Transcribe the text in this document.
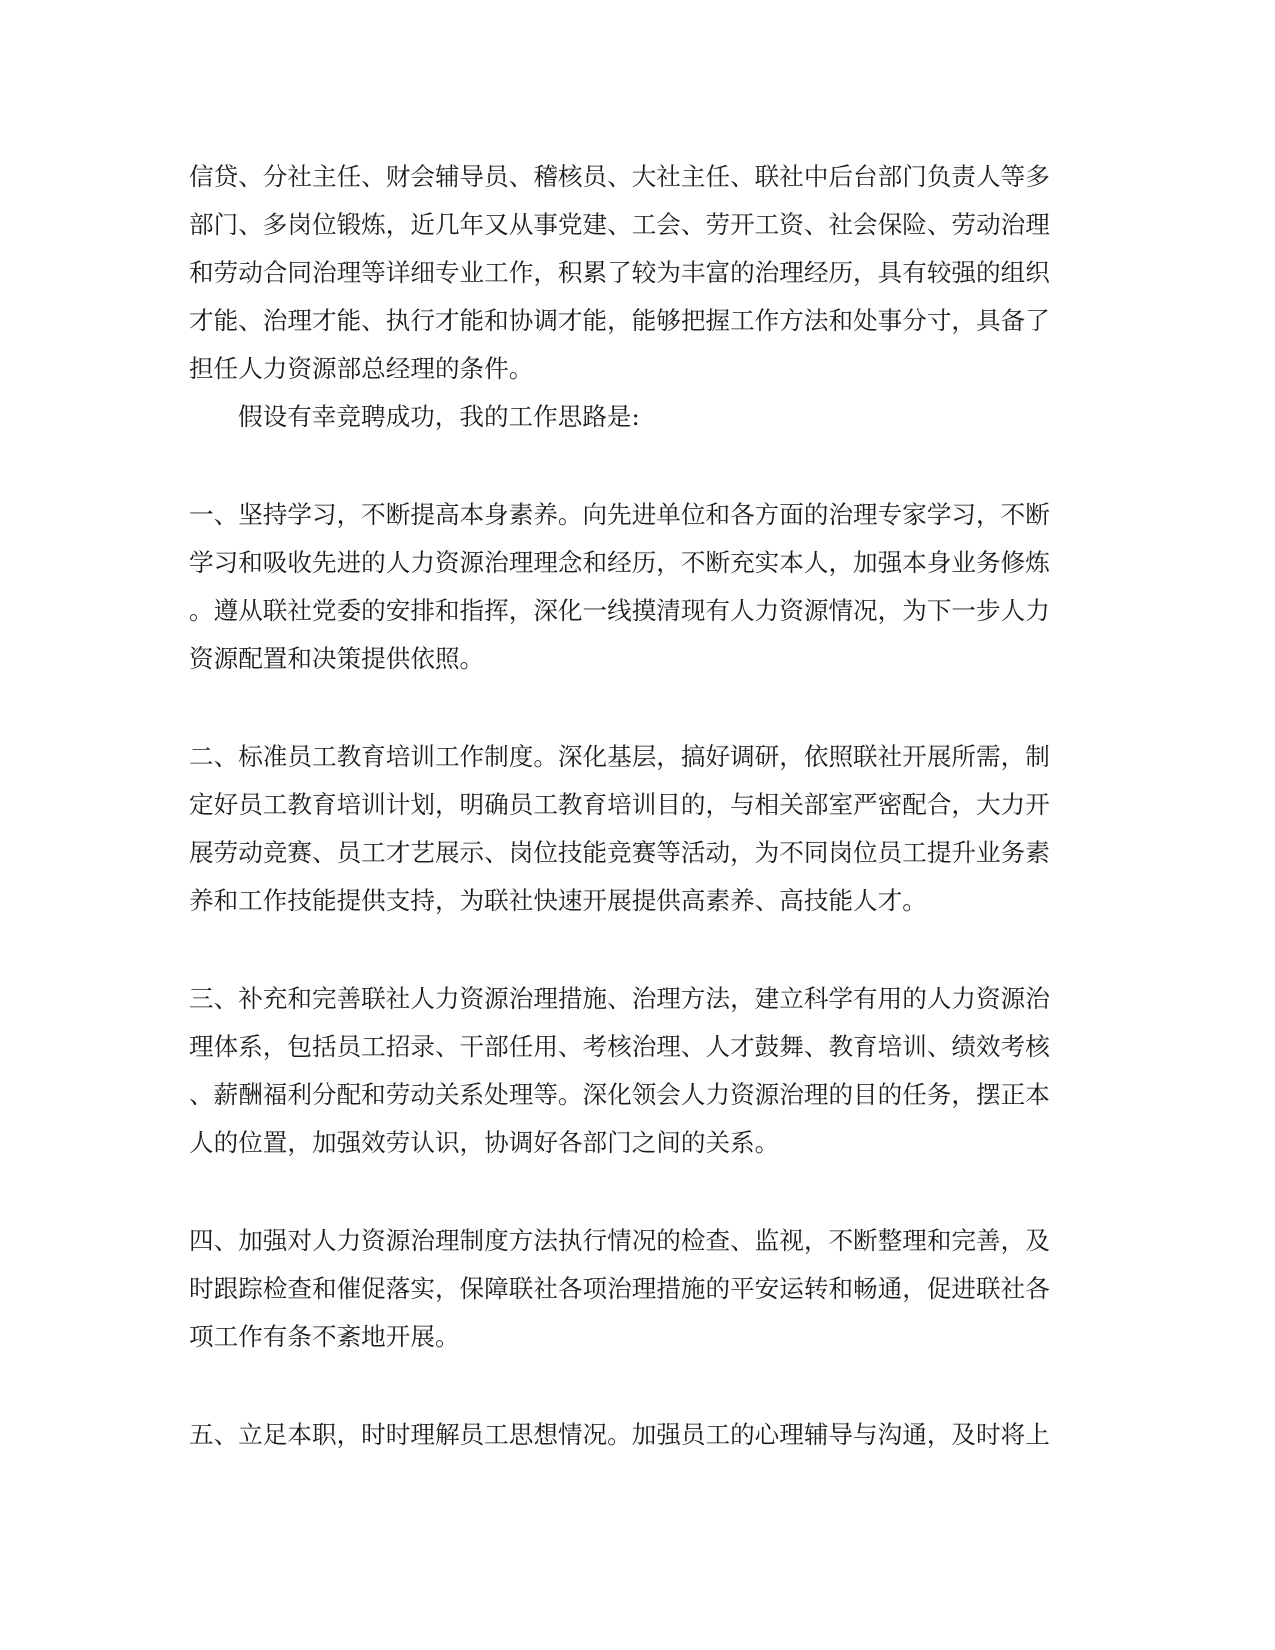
信贷、分社主任、财会辅导员、稽核员、大社主任、联社中后台部门负责人等多
部门、多岗位锻炼，近几年又从事党建、工会、劳开工资、社会保险、劳动治理
和劳动合同治理等详细专业工作，积累了较为丰富的治理经历，具有较强的组织
才能、治理才能、执行才能和协调才能，能够把握工作方法和处事分寸，具备了
担任人力资源部总经理的条件。
假设有幸竞聘成功，我的工作思路是:
一、坚持学习，不断提高本身素养。向先进单位和各方面的治理专家学习，不断
学习和吸收先进的人力资源治理理念和经历，不断充实本人，加强本身业务修炼
。遵从联社党委的安排和指挥，深化一线摸清现有人力资源情况，为下一步人力
资源配置和决策提供依照。
二、标准员工教育培训工作制度。深化基层，搞好调研，依照联社开展所需，制
定好员工教育培训计划，明确员工教育培训目的，与相关部室严密配合，大力开
展劳动竞赛、员工才艺展示、岗位技能竞赛等活动，为不同岗位员工提升业务素
养和工作技能提供支持，为联社快速开展提供高素养、高技能人才。
三、补充和完善联社人力资源治理措施、治理方法，建立科学有用的人力资源治
理体系，包括员工招录、干部任用、考核治理、人才鼓舞、教育培训、绩效考核
、薪酬福利分配和劳动关系处理等。深化领会人力资源治理的目的任务，摆正本
人的位置，加强效劳认识，协调好各部门之间的关系。
四、加强对人力资源治理制度方法执行情况的检查、监视，不断整理和完善，及
时跟踪检查和催促落实，保障联社各项治理措施的平安运转和畅通，促进联社各
项工作有条不紊地开展。
五、立足本职，时时理解员工思想情况。加强员工的心理辅导与沟通，及时将上
